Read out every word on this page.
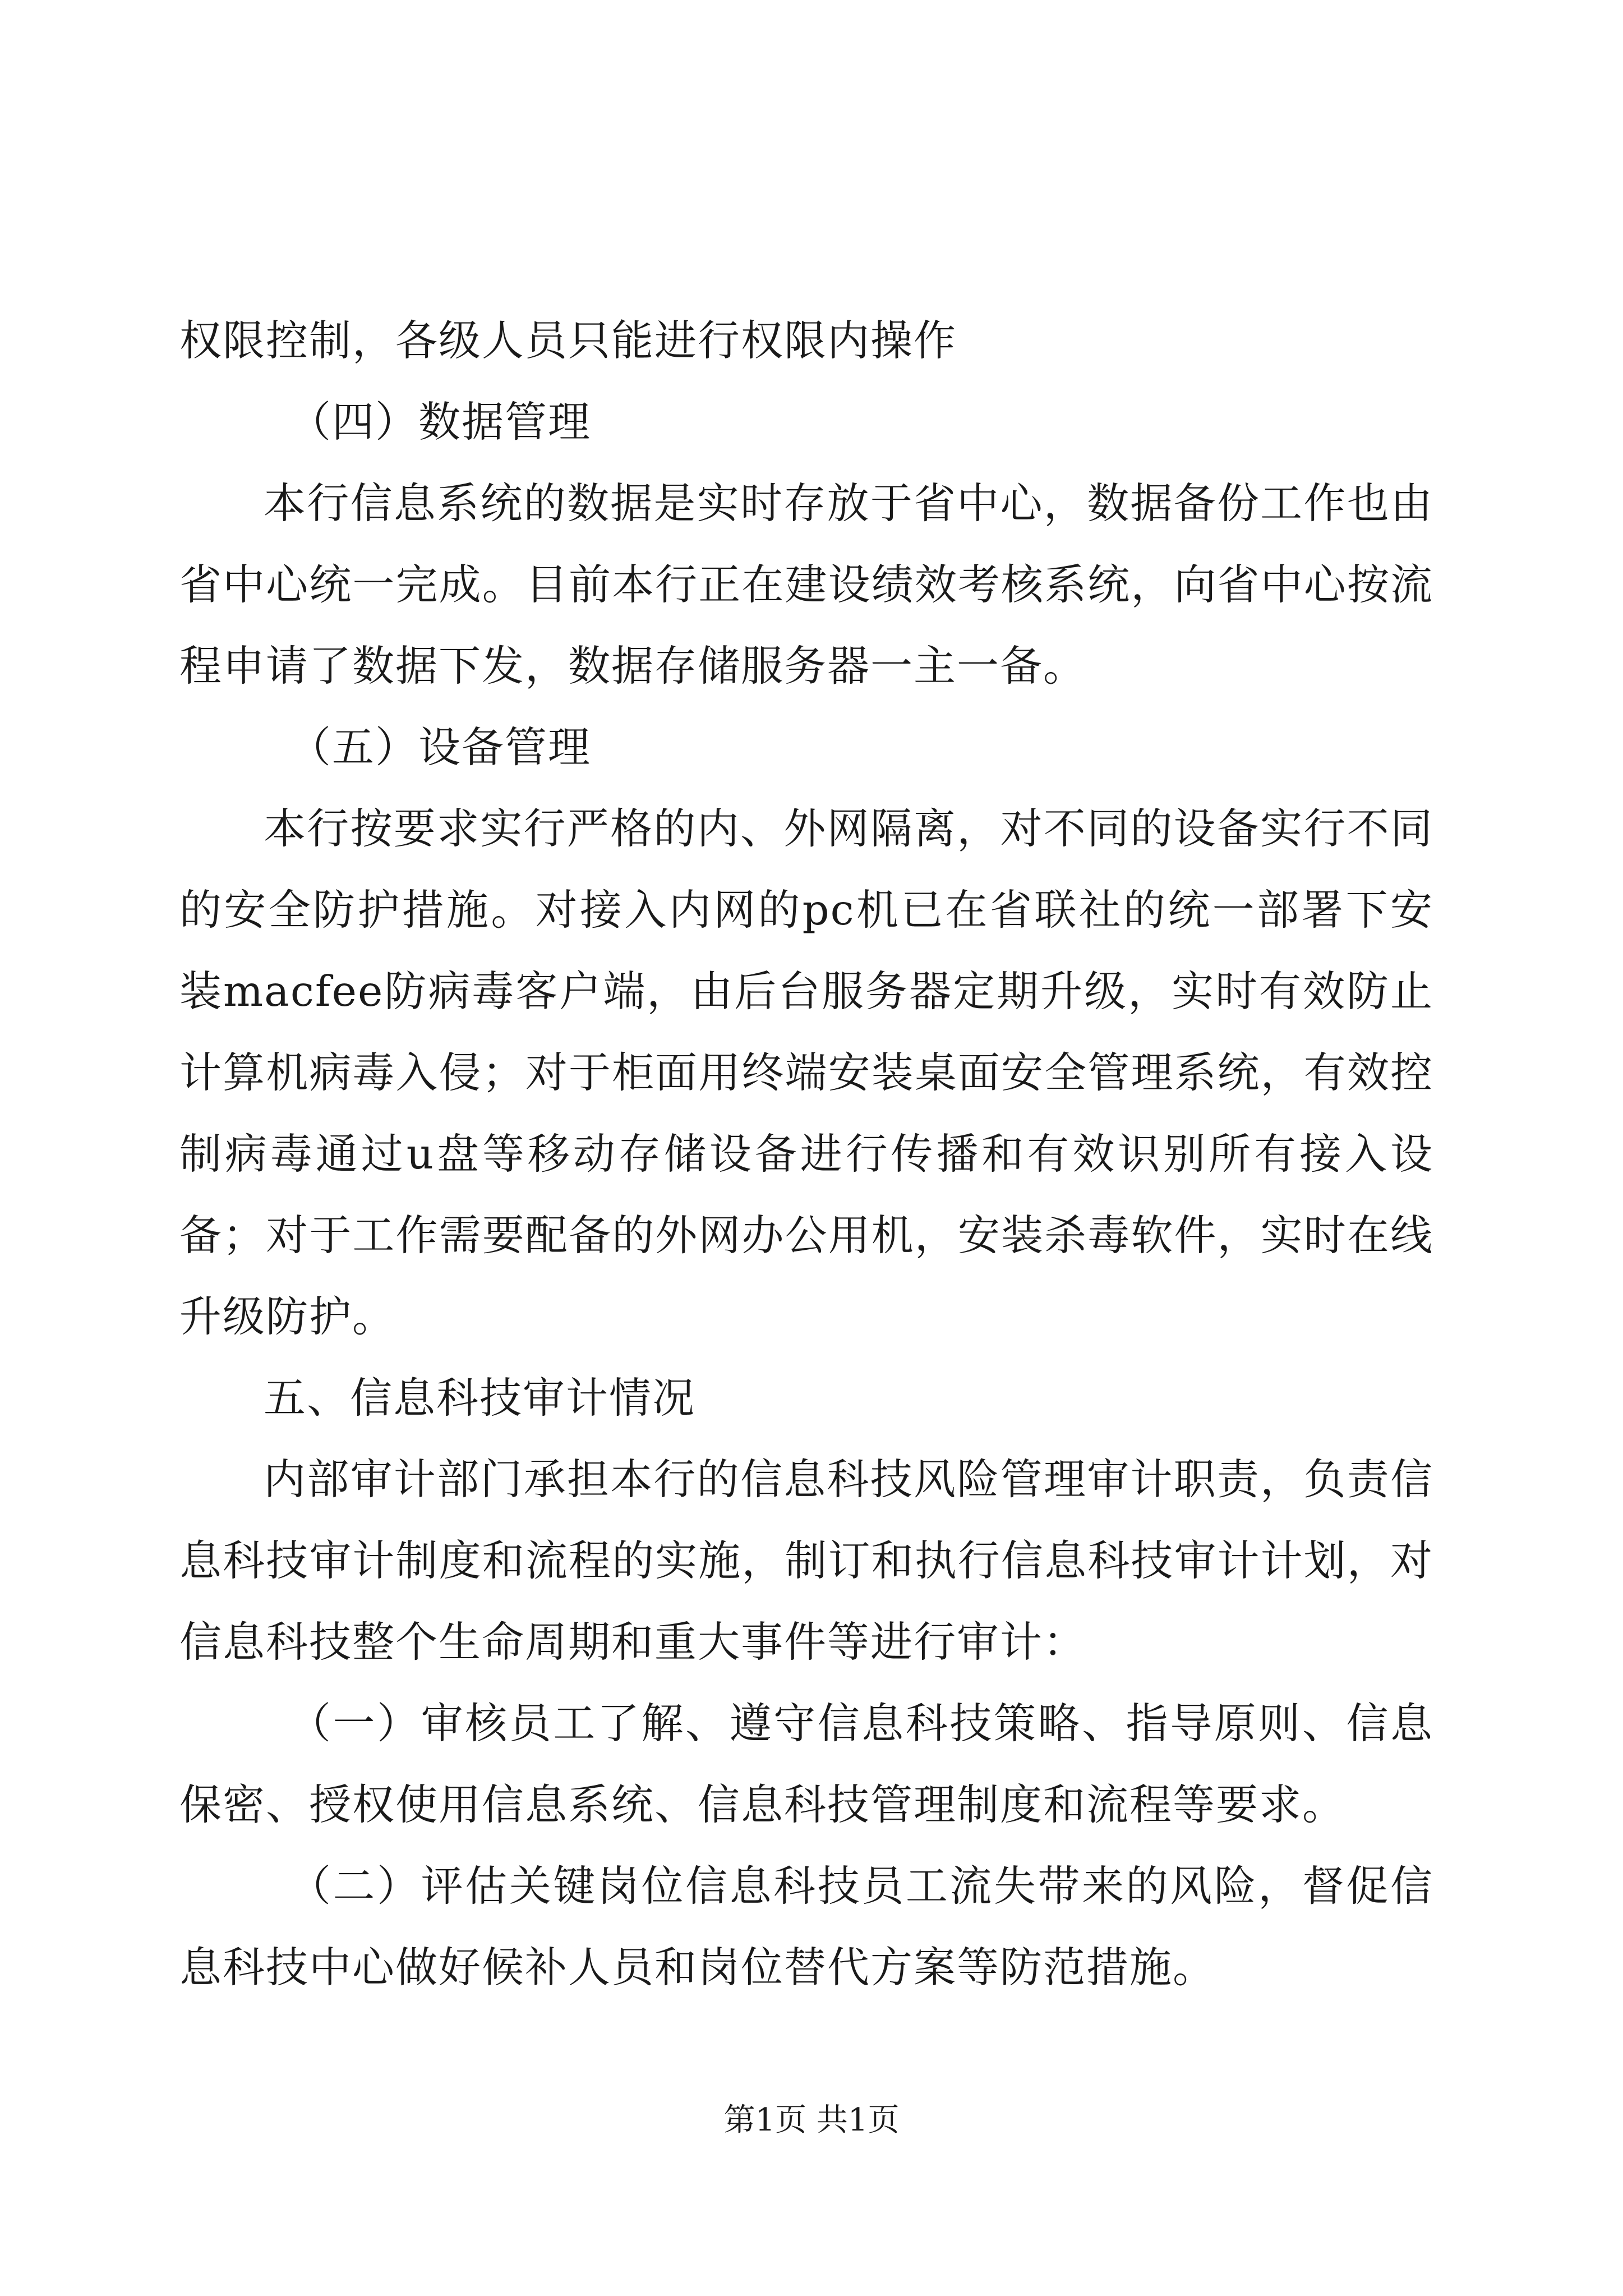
权限控制，各级人员只能进行权限内操作

（四）数据管理

本行信息系统的数据是实时存放于省中心，数据备份工作也由省中心统一完成。目前本行正在建设绩效考核系统，向省中心按流程申请了数据下发，数据存储服务器一主一备。

（五）设备管理

本行按要求实行严格的内、外网隔离，对不同的设备实行不同的安全防护措施。对接入内网的pc机已在省联社的统一部署下安装macfee防病毒客户端，由后台服务器定期升级，实时有效防止计算机病毒入侵；对于柜面用终端安装桌面安全管理系统，有效控制病毒通过u盘等移动存储设备进行传播和有效识别所有接入设备；对于工作需要配备的外网办公用机，安装杀毒软件，实时在线升级防护。

五、信息科技审计情况

内部审计部门承担本行的信息科技风险管理审计职责，负责信息科技审计制度和流程的实施，制订和执行信息科技审计计划，对信息科技整个生命周期和重大事件等进行审计：

（一）审核员工了解、遵守信息科技策略、指导原则、信息保密、授权使用信息系统、信息科技管理制度和流程等要求。

（二）评估关键岗位信息科技员工流失带来的风险，督促信息科技中心做好候补人员和岗位替代方案等防范措施。

第1页 共1页
